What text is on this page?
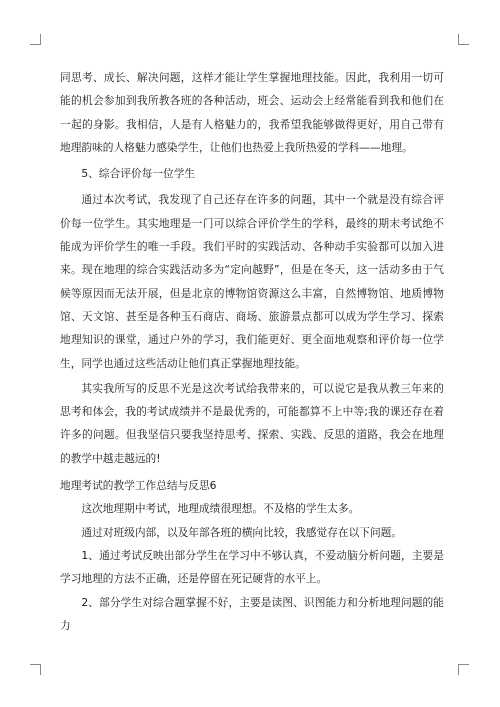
同思考、成长、解决问题，这样才能让学生掌握地理技能。因此，我利用一切可能的机会参加到我所教各班的各种活动，班会、运动会上经常能看到我和他们在一起的身影。我相信，人是有人格魅力的，我希望我能够做得更好，用自己带有地理韵味的人格魅力感染学生，让他们也热爱上我所热爱的学科——地理。

5、综合评价每一位学生

通过本次考试，我发现了自己还存在许多的问题，其中一个就是没有综合评价每一位学生。其实地理是一门可以综合评价学生的学科，最终的期末考试绝不能成为评价学生的唯一手段。我们平时的实践活动、各种动手实验都可以加入进来。现在地理的综合实践活动多为“定向越野”，但是在冬天，这一活动多由于气候等原因而无法开展，但是北京的博物馆资源这么丰富，自然博物馆、地质博物馆、天文馆、甚至是各种玉石商店、商场、旅游景点都可以成为学生学习、探索地理知识的课堂，通过户外的学习，我们能更好、更全面地观察和评价每一位学生，同学也通过这些活动让他们真正掌握地理技能。

其实我所写的反思不光是这次考试给我带来的，可以说它是我从教三年来的思考和体会，我的考试成绩并不是最优秀的，可能都算不上中等;我的课还存在着许多的问题。但我坚信只要我坚持思考、探索、实践、反思的道路，我会在地理的教学中越走越远的!

地理考试的教学工作总结与反思6

这次地理期中考试，地理成绩很理想。不及格的学生太多。

通过对班级内部，以及年部各班的横向比较，我感觉存在以下问题。

1、通过考试反映出部分学生在学习中不够认真，不爱动脑分析问题，主要是学习地理的方法不正确，还是停留在死记硬背的水平上。

2、部分学生对综合题掌握不好，主要是读图、识图能力和分析地理问题的能力
